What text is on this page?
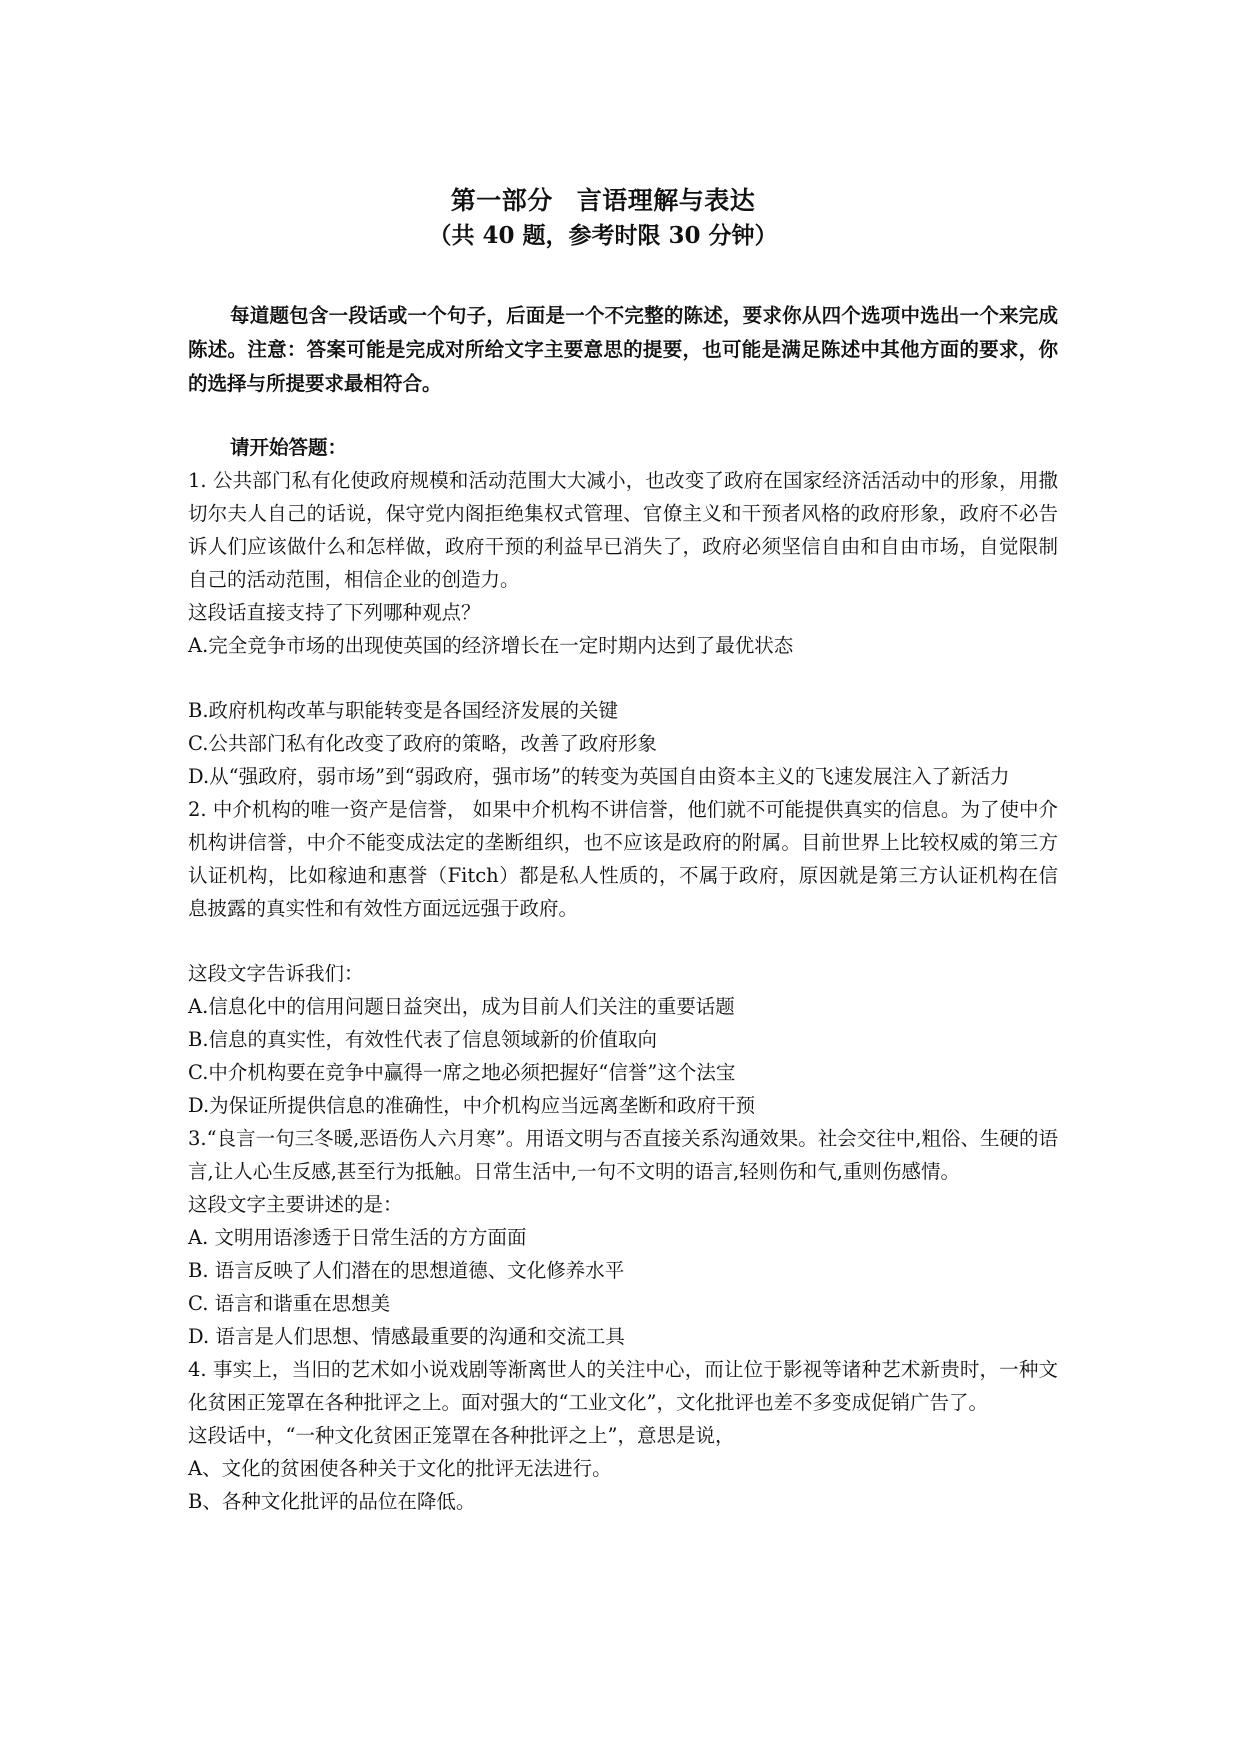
第一部分 言语理解与表达
（共 40 题，参考时限 30 分钟）
每道题包含一段话或一个句子，后面是一个不完整的陈述，要求你从四个选项中选出一个来完成陈述。注意：答案可能是完成对所给文字主要意思的提要，也可能是满足陈述中其他方面的要求，你的选择与所提要求最相符合。
请开始答题：

1. 公共部门私有化使政府规模和活动范围大大减小，也改变了政府在国家经济活活动中的形象，用撒切尔夫人自己的话说，保守党内阁拒绝集权式管理、官僚主义和干预者风格的政府形象，政府不必告诉人们应该做什么和怎样做，政府干预的利益早已消失了，政府必须坚信自由和自由市场，自觉限制自己的活动范围，相信企业的创造力。

这段话直接支持了下列哪种观点？

A.完全竞争市场的出现使英国的经济增长在一定时期内达到了最优状态

B.政府机构改革与职能转变是各国经济发展的关键

C.公共部门私有化改变了政府的策略，改善了政府形象

D.从“强政府，弱市场”到“弱政府，强市场”的转变为英国自由资本主义的飞速发展注入了新活力

2. 中介机构的唯一资产是信誉， 如果中介机构不讲信誉，他们就不可能提供真实的信息。为了使中介机构讲信誉，中介不能变成法定的垄断组织，也不应该是政府的附属。目前世界上比较权威的第三方认证机构，比如稼迪和惠誉（Fitch）都是私人性质的，不属于政府，原因就是第三方认证机构在信息披露的真实性和有效性方面远远强于政府。

这段文字告诉我们：

A.信息化中的信用问题日益突出，成为目前人们关注的重要话题

B.信息的真实性，有效性代表了信息领域新的价值取向

C.中介机构要在竞争中赢得一席之地必须把握好“信誉”这个法宝

D.为保证所提供信息的准确性，中介机构应当远离垄断和政府干预

3.“良言一句三冬暖,恶语伤人六月寒”。用语文明与否直接关系沟通效果。社会交往中,粗俗、生硬的语言,让人心生反感,甚至行为抵触。日常生活中,一句不文明的语言,轻则伤和气,重则伤感情。

这段文字主要讲述的是：

A. 文明用语渗透于日常生活的方方面面

B. 语言反映了人们潜在的思想道德、文化修养水平

C. 语言和谐重在思想美

D. 语言是人们思想、情感最重要的沟通和交流工具

4. 事实上，当旧的艺术如小说戏剧等渐离世人的关注中心，而让位于影视等诸种艺术新贵时，一种文化贫困正笼罩在各种批评之上。面对强大的“工业文化”，文化批评也差不多变成促销广告了。

这段话中，“一种文化贫困正笼罩在各种批评之上”，意思是说，

A、文化的贫困使各种关于文化的批评无法进行。

B、各种文化批评的品位在降低。
